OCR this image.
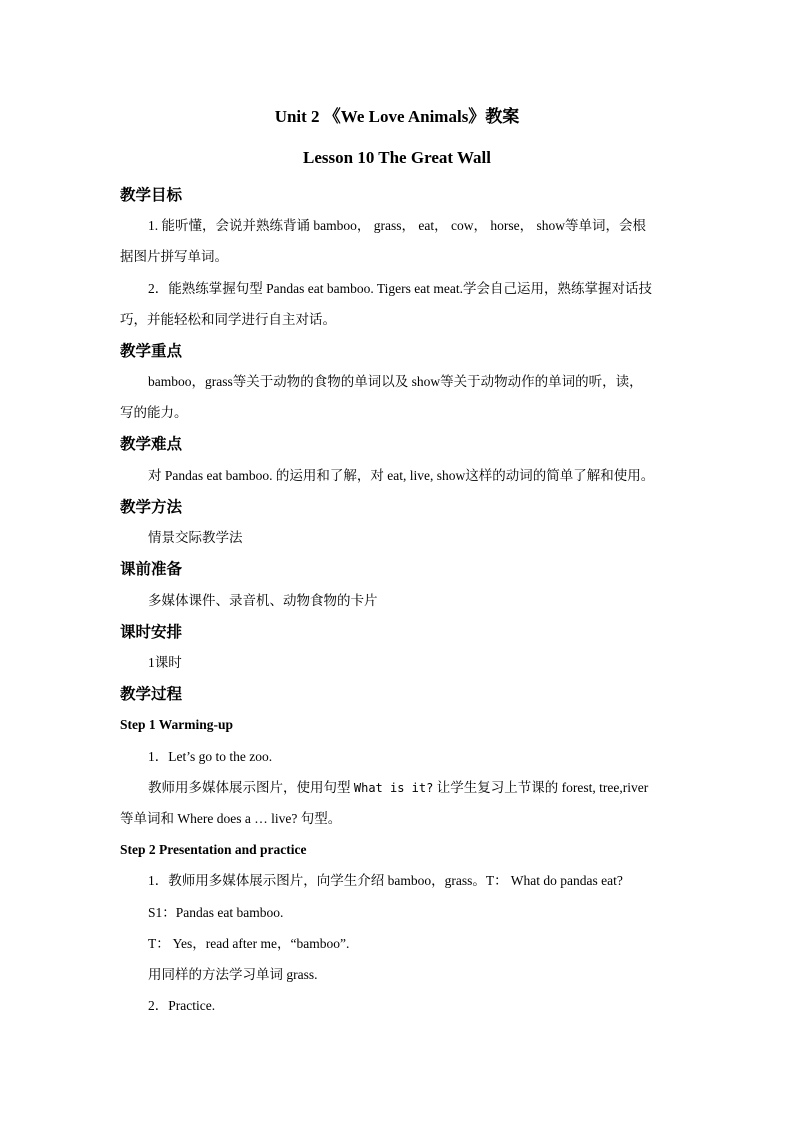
Unit 2 《We Love Animals》教案
Lesson 10 The Great Wall
教学目标
1. 能听懂，会说并熟练背诵 bamboo， grass， eat， cow， horse， show等单词，会根
据图片拼写单词。
2．能熟练掌握句型 Pandas eat bamboo. Tigers eat meat.学会自己运用，熟练掌握对话技
巧，并能轻松和同学进行自主对话。
教学重点
bamboo，grass等关于动物的食物的单词以及 show等关于动物动作的单词的听，读，
写的能力。
教学难点
对 Pandas eat bamboo. 的运用和了解，对 eat, live, show这样的动词的简单了解和使用。
教学方法
情景交际教学法
课前准备
多媒体课件、录音机、动物食物的卡片
课时安排
1课时
教学过程
Step 1 Warming-up
1．Let’s go to the zoo.
教师用多媒体展示图片，使用句型 What is it? 让学生复习上节课的 forest, tree,river
等单词和 Where does a … live? 句型。
Step 2 Presentation and practice
1．教师用多媒体展示图片，向学生介绍 bamboo，grass。T： What do pandas eat?
S1：Pandas eat bamboo.
T： Yes，read after me，“bamboo”.
用同样的方法学习单词 grass.
2．Practice.
